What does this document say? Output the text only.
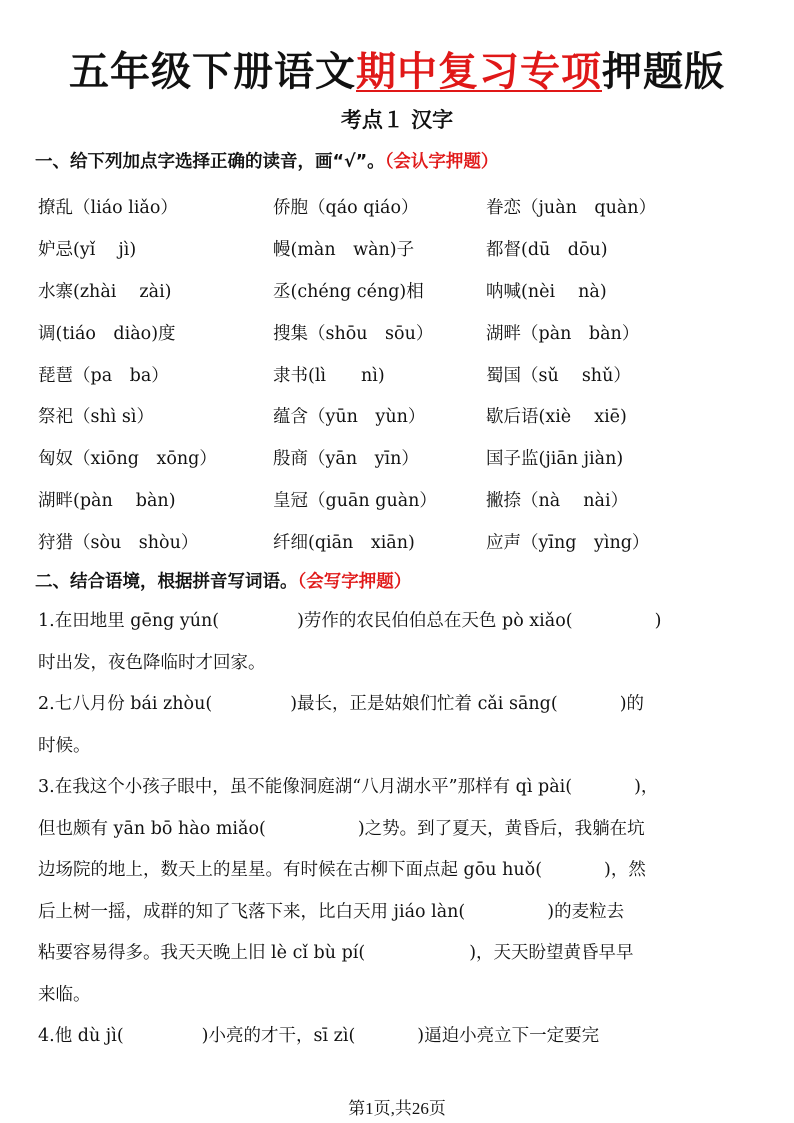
五年级下册语文期中复习专项押题版
考点１ 汉字
一、给下列加点字选择正确的读音，画“√”。（会认字押题）
撩乱（liáo liǎo）	侨胞（qáo qiáo）	眷恋（juàn　quàn）
妒忌(yǐ　 jì)	幔(màn　wàn)子	都督(dū　dōu)
水寨(zhài　 zài)	丞(chéng céng)相	呐喊(nèi　 nà)
调(tiáo　diào)度	搜集（shōu　sōu）	湖畔（pàn　bàn）
琵琶（pa　ba）	隶书(lì　　nì)	蜀国（sǔ　 shǔ）
祭祀（shì sì）	蕴含（yūn　yùn）	歇后语(xiè　 xiē)
匈奴（xiōng　xōng）	殷商（yān　yīn）	国子监(jiān jiàn)
湖畔(pàn　 bàn)	皇冠（guān guàn）	撇捺（nà　 nài）
狩猎（sòu　shòu）	纤细(qiān　xiān)	应声（yīng　yìng）
二、结合语境，根据拼音写词语。（会写字押题）

1.在田地里 gēng yún(	)劳作的农民伯伯总在天色 pò xiǎo(	)

时出发，夜色降临时才回家。

2.七八月份 bái zhòu(	)最长，正是姑娘们忙着 cǎi sāng(	)的

时候。

3.在我这个小孩子眼中，虽不能像洞庭湖“八月湖水平”那样有 qì pài(	)，

但也颇有 yān bō hào miǎo(	)之势。到了夏天，黄昏后，我躺在坑

边场院的地上，数天上的星星。有时候在古柳下面点起 gōu huǒ(	)，然

后上树一摇，成群的知了飞落下来，比白天用 jiáo làn(	)的麦粒去

粘要容易得多。我天天晚上旧 lè cǐ bù pí(	)，天天盼望黄昏早早

来临。

4.他 dù jì(	)小亮的才干，sī zì(	)逼迫小亮立下一定要完

第1页,共26页
